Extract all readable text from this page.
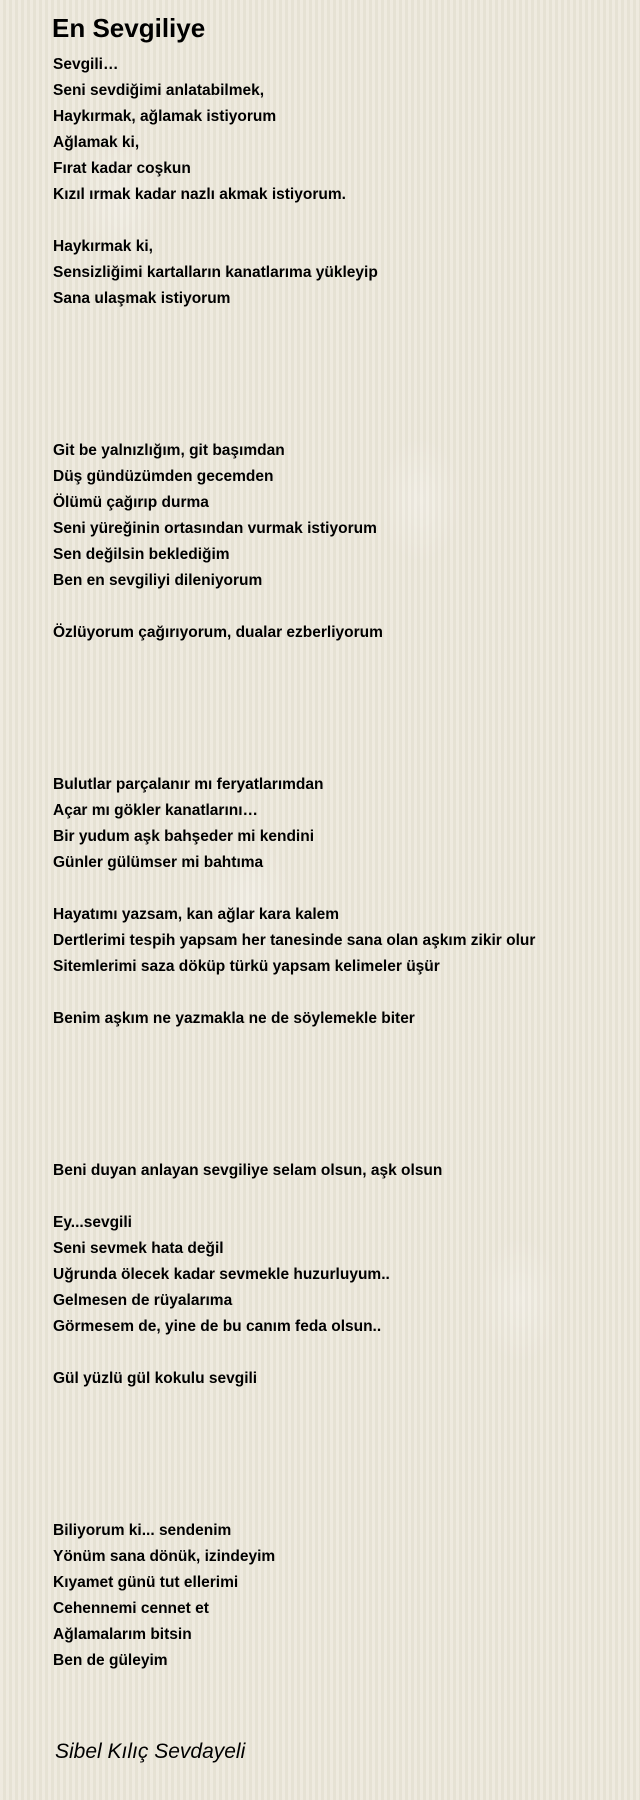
En Sevgiliye
Sevgili…
Seni sevdiğimi anlatabilmek,
Haykırmak, ağlamak istiyorum
Ağlamak ki,
Fırat kadar coşkun
Kızıl ırmak kadar nazlı akmak istiyorum.
Haykırmak ki,
Sensizliğimi kartalların kanatlarıma yükleyip
Sana ulaşmak istiyorum
Git be yalnızlığım, git başımdan
Düş gündüzümden gecemden
Ölümü çağırıp durma
Seni yüreğinin ortasından vurmak istiyorum
Sen değilsin beklediğim
Ben en sevgiliyi dileniyorum
Özlüyorum çağırıyorum, dualar ezberliyorum
Bulutlar parçalanır mı feryatlarımdan
Açar mı gökler kanatlarını…
Bir yudum aşk bahşeder mi kendini
Günler gülümser mi bahtıma
Hayatımı yazsam, kan ağlar kara kalem
Dertlerimi tespih yapsam her tanesinde sana olan aşkım zikir olur
Sitemlerimi saza döküp türkü yapsam kelimeler üşür
Benim aşkım ne yazmakla ne de söylemekle biter
Beni duyan anlayan sevgiliye selam olsun, aşk olsun
Ey...sevgili
Seni sevmek hata değil
Uğrunda ölecek kadar sevmekle huzurluyum..
Gelmesen de rüyalarıma
Görmesem de, yine de bu canım feda olsun..
Gül yüzlü gül kokulu sevgili
Biliyorum ki... sendenim
Yönüm sana dönük, izindeyim
Kıyamet günü tut ellerimi
Cehennemi cennet et
Ağlamalarım bitsin
Ben de güleyim
Sibel Kılıç Sevdayeli
